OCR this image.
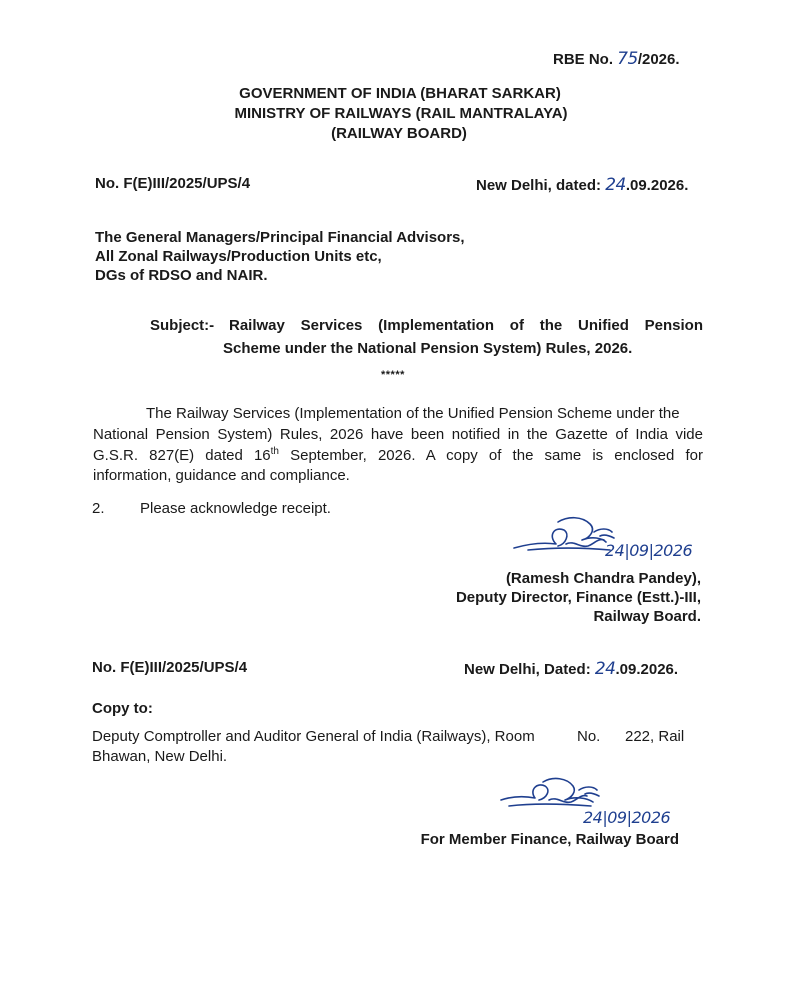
RBE No. 75/2026.
GOVERNMENT OF INDIA (BHARAT SARKAR)
MINISTRY OF RAILWAYS (RAIL MANTRALAYA)
(RAILWAY BOARD)
No. F(E)III/2025/UPS/4	New Delhi, dated: 24.09.2026.
The General Managers/Principal Financial Advisors,
All Zonal Railways/Production Units etc,
DGs of RDSO and NAIR.
Subject:- Railway Services (Implementation of the Unified Pension
Scheme under the National Pension System) Rules, 2026.
*****
The Railway Services (Implementation of the Unified Pension Scheme under the
National Pension System) Rules, 2026 have been notified in the Gazette of India vide
G.S.R. 827(E) dated 16th September, 2026. A copy of the same is enclosed for
information, guidance and compliance.
2. Please acknowledge receipt.
24|09|2026
(Ramesh Chandra Pandey),
Deputy Director, Finance (Estt.)-III,
Railway Board.
No. F(E)III/2025/UPS/4	New Delhi, Dated: 24.09.2026.
Copy to:
Deputy Comptroller and Auditor General of India (Railways), Room	No. 222, Rail
Bhawan, New Delhi.
24|09|2026
For Member Finance, Railway Board
